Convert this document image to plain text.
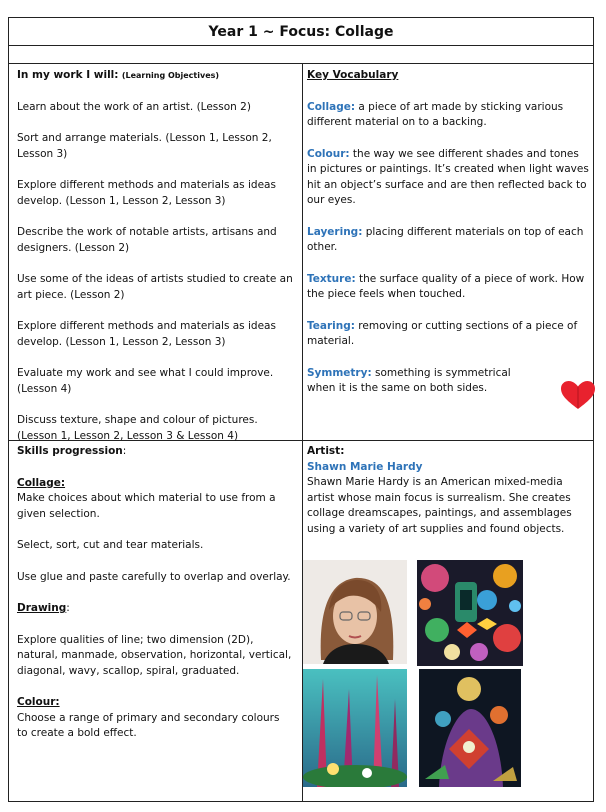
Year 1 ~ Focus: Collage

In my work I will: (Learning Objectives)

Learn about the work of an artist. (Lesson 2)

Sort and arrange materials. (Lesson 1, Lesson 2, Lesson 3)

Explore different methods and materials as ideas develop. (Lesson 1, Lesson 2, Lesson 3)

Describe the work of notable artists, artisans and designers. (Lesson 2)

Use some of the ideas of artists studied to create an art piece. (Lesson 2)

Explore different methods and materials as ideas develop. (Lesson 1, Lesson 2, Lesson 3)

Evaluate my work and see what I could improve. (Lesson 4)

Discuss texture, shape and colour of pictures. (Lesson 1, Lesson 2, Lesson 3 & Lesson 4)

Key Vocabulary

Collage: a piece of art made by sticking various different material on to a backing.

Colour: the way we see different shades and tones in pictures or paintings. It’s created when light waves hit an object’s surface and are then reflected back to our eyes.

Layering: placing different materials on top of each other.

Texture: the surface quality of a piece of work. How the piece feels when touched.

Tearing: removing or cutting sections of a piece of material.

Symmetry: something is symmetrical when it is the same on both sides.

Skills progression:

Collage:

Make choices about which material to use from a given selection.

Select, sort, cut and tear materials.

Use glue and paste carefully to overlap and overlay.

Drawing:

Explore qualities of line; two dimension (2D), natural, manmade, observation, horizontal, vertical, diagonal, wavy, scallop, spiral, graduated.

Colour:

Choose a range of primary and secondary colours to create a bold effect.

Artist:

Shawn Marie Hardy

Shawn Marie Hardy is an American mixed-media artist whose main focus is surrealism. She creates collage dreamscapes, paintings, and assemblages using a variety of art supplies and found objects.
